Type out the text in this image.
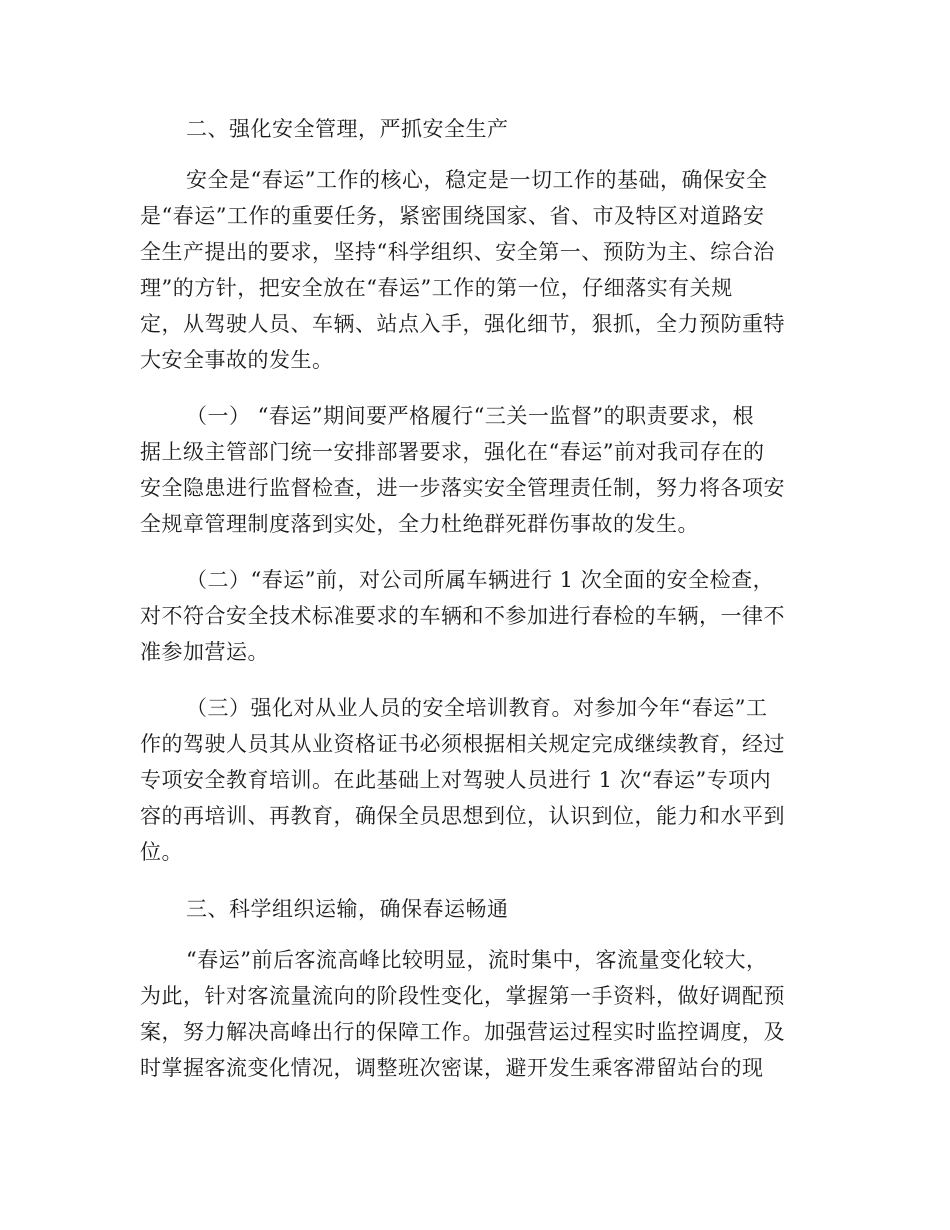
二、强化安全管理，严抓安全生产
安全是“春运”工作的核心，稳定是一切工作的基础，确保安全
是“春运”工作的重要任务，紧密围绕国家、省、市及特区对道路安
全生产提出的要求，坚持“科学组织、安全第一、预防为主、综合治
理”的方针，把安全放在“春运”工作的第一位，仔细落实有关规
定，从驾驶人员、车辆、站点入手，强化细节，狠抓，全力预防重特
大安全事故的发生。
（一） “春运”期间要严格履行“三关一监督”的职责要求，根
据上级主管部门统一安排部署要求，强化在“春运”前对我司存在的
安全隐患进行监督检查，进一步落实安全管理责任制，努力将各项安
全规章管理制度落到实处，全力杜绝群死群伤事故的发生。
（二）“春运”前，对公司所属车辆进行 1 次全面的安全检查，
对不符合安全技术标准要求的车辆和不参加进行春检的车辆，一律不
准参加营运。
（三）强化对从业人员的安全培训教育。对参加今年“春运”工
作的驾驶人员其从业资格证书必须根据相关规定完成继续教育，经过
专项安全教育培训。在此基础上对驾驶人员进行 1 次“春运”专项内
容的再培训、再教育，确保全员思想到位，认识到位，能力和水平到
位。
三、科学组织运输，确保春运畅通
“春运”前后客流高峰比较明显，流时集中，客流量变化较大，
为此，针对客流量流向的阶段性变化，掌握第一手资料，做好调配预
案，努力解决高峰出行的保障工作。加强营运过程实时监控调度，及
时掌握客流变化情况，调整班次密谋，避开发生乘客滞留站台的现
